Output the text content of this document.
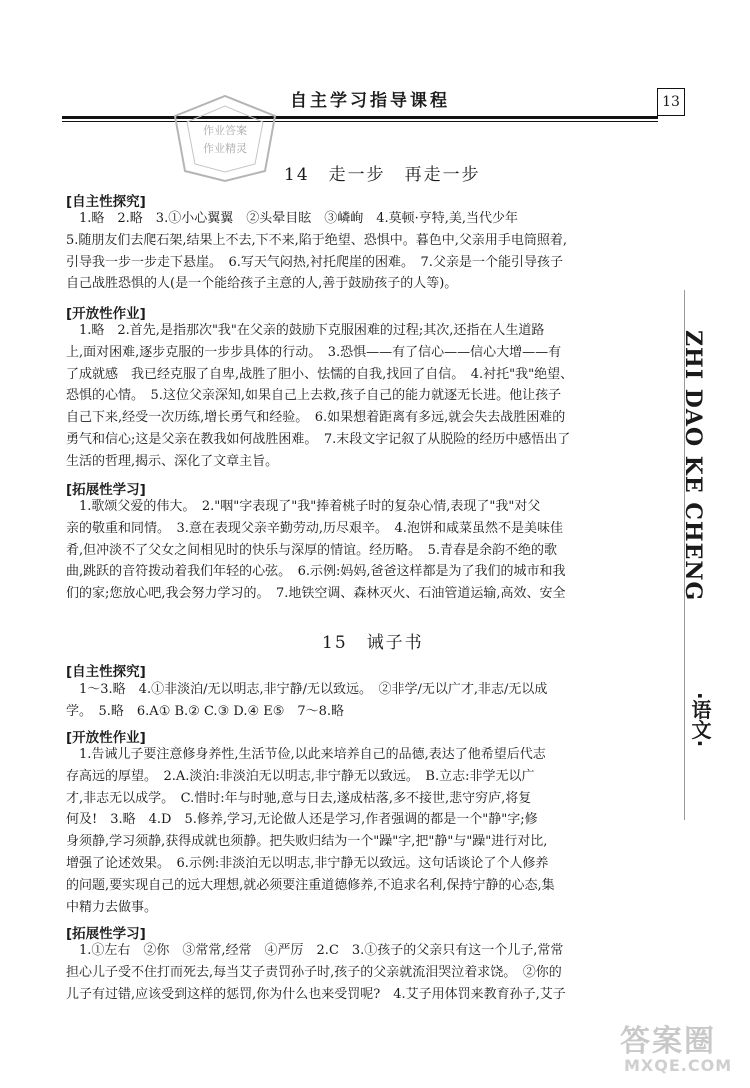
自主学习指导课程	13
作业答案
作业精灵
14　走一步　再走一步
[自主性探究]
　1.略　2.略　3.①小心翼翼　②头晕目眩　③嶙峋　4.莫顿·亨特,美,当代少年
5.随朋友们去爬石架,结果上不去,下不来,陷于绝望、恐惧中。暮色中,父亲用手电筒照着,
引导我一步一步走下悬崖。　6.写天气闷热,衬托爬崖的困难。　7.父亲是一个能引导孩子
自己战胜恐惧的人(是一个能给孩子主意的人,善于鼓励孩子的人等)。
[开放性作业]
　1.略　2.首先,是指那次"我"在父亲的鼓励下克服困难的过程;其次,还指在人生道路
上,面对困难,逐步克服的一步步具体的行动。　3.恐惧——有了信心——信心大增——有
了成就感　我已经克服了自卑,战胜了胆小、怯懦的自我,找回了自信。　4.衬托"我"绝望、
恐惧的心情。　5.这位父亲深知,如果自己上去救,孩子自己的能力就逐无长进。他让孩子
自己下来,经受一次历练,增长勇气和经验。　6.如果想着距离有多远,就会失去战胜困难的
勇气和信心;这是父亲在教我如何战胜困难。　7.末段文字记叙了从脱险的经历中感悟出了
生活的哲理,揭示、深化了文章主旨。
[拓展性学习]
　1.歌颂父爱的伟大。　2."咽"字表现了"我"捧着桃子时的复杂心情,表现了"我"对父
亲的敬重和同情。　3.意在表现父亲辛勤劳动,历尽艰辛。　4.泡饼和咸菜虽然不是美味佳
肴,但冲淡不了父女之间相见时的快乐与深厚的情谊。经历略。　5.青春是余韵不绝的歌
曲,跳跃的音符拨动着我们年轻的心弦。　6.示例:妈妈,爸爸这样都是为了我们的城市和我
们的家;您放心吧,我会努力学习的。　7.地铁空调、森林灭火、石油管道运输,高效、安全
15　诫子书
[自主性探究]
　1～3.略　4.①非淡泊/无以明志,非宁静/无以致远。　②非学/无以广才,非志/无以成
学。　5.略　6.A① B.② C.③ D.④ E⑤　7～8.略
[开放性作业]
　1.告诫儿子要注意修身养性,生活节俭,以此来培养自己的品德,表达了他希望后代志
存高远的厚望。　2.A.淡泊:非淡泊无以明志,非宁静无以致远。　B.立志:非学无以广
才,非志无以成学。　C.惜时:年与时驰,意与日去,遂成枯落,多不接世,悲守穷庐,将复
何及!　3.略　4.D　5.修养,学习,无论做人还是学习,作者强调的都是一个"静"字;修
身须静,学习须静,获得成就也须静。把失败归结为一个"躁"字,把"静"与"躁"进行对比,
增强了论述效果。　6.示例:非淡泊无以明志,非宁静无以致远。这句话谈论了个人修养
的问题,要实现自己的远大理想,就必须要注重道德修养,不追求名利,保持宁静的心态,集
中精力去做事。
[拓展性学习]
　1.①左右　②你　③常常,经常　④严厉　2.C　3.①孩子的父亲只有这一个儿子,常常
担心儿子受不住打而死去,每当艾子责罚孙子时,孩子的父亲就流泪哭泣着求饶。　②你的
儿子有过错,应该受到这样的惩罚,你为什么也来受罚呢?　4.艾子用体罚来教育孙子,艾子
ZHI DAO KE CHENG
·语文·
答案圈
MXQE.COM
